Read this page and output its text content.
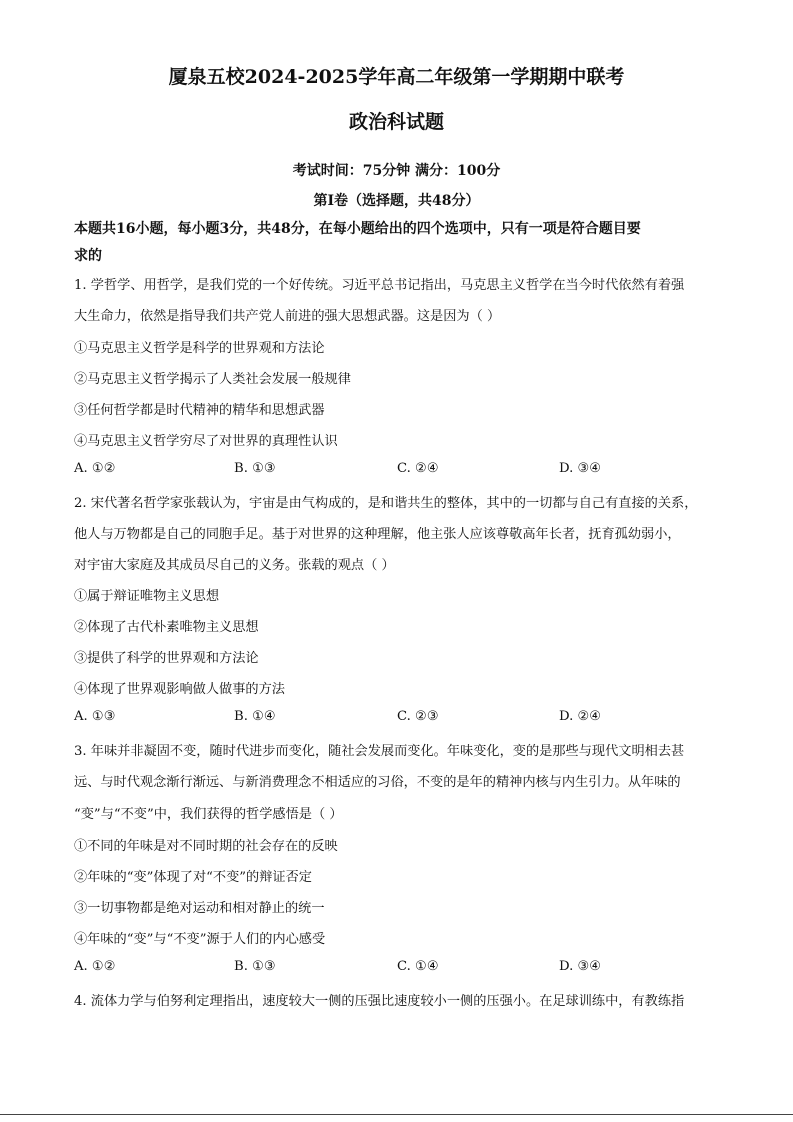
厦泉五校2024-2025学年高二年级第一学期期中联考
政治科试题
考试时间：75分钟 满分：100分
第Ⅰ卷（选择题，共48分）
本题共16小题，每小题3分，共48分，在每小题给出的四个选项中，只有一项是符合题目要
求的
1. 学哲学、用哲学，是我们党的一个好传统。习近平总书记指出，马克思主义哲学在当今时代依然有着强
大生命力，依然是指导我们共产党人前进的强大思想武器。这是因为（ ）
①马克思主义哲学是科学的世界观和方法论
②马克思主义哲学揭示了人类社会发展一般规律
③任何哲学都是时代精神的精华和思想武器
④马克思主义哲学穷尽了对世界的真理性认识
A. ①②	B. ①③	C. ②④	D. ③④
2. 宋代著名哲学家张载认为，宇宙是由气构成的，是和谐共生的整体，其中的一切都与自己有直接的关系，
他人与万物都是自己的同胞手足。基于对世界的这种理解，他主张人应该尊敬高年长者，抚育孤幼弱小，
对宇宙大家庭及其成员尽自己的义务。张载的观点（ ）
①属于辩证唯物主义思想
②体现了古代朴素唯物主义思想
③提供了科学的世界观和方法论
④体现了世界观影响做人做事的方法
A. ①③	B. ①④	C. ②③	D. ②④
3. 年味并非凝固不变，随时代进步而变化，随社会发展而变化。年味变化，变的是那些与现代文明相去甚
远、与时代观念渐行渐远、与新消费理念不相适应的习俗，不变的是年的精神内核与内生引力。从年味的
“变”与“不变”中，我们获得的哲学感悟是（ ）
①不同的年味是对不同时期的社会存在的反映
②年味的“变”体现了对“不变”的辩证否定
③一切事物都是绝对运动和相对静止的统一
④年味的“变”与“不变”源于人们的内心感受
A. ①②	B. ①③	C. ①④	D. ③④
4. 流体力学与伯努利定理指出，速度较大一侧的压强比速度较小一侧的压强小。在足球训练中，有教练指
